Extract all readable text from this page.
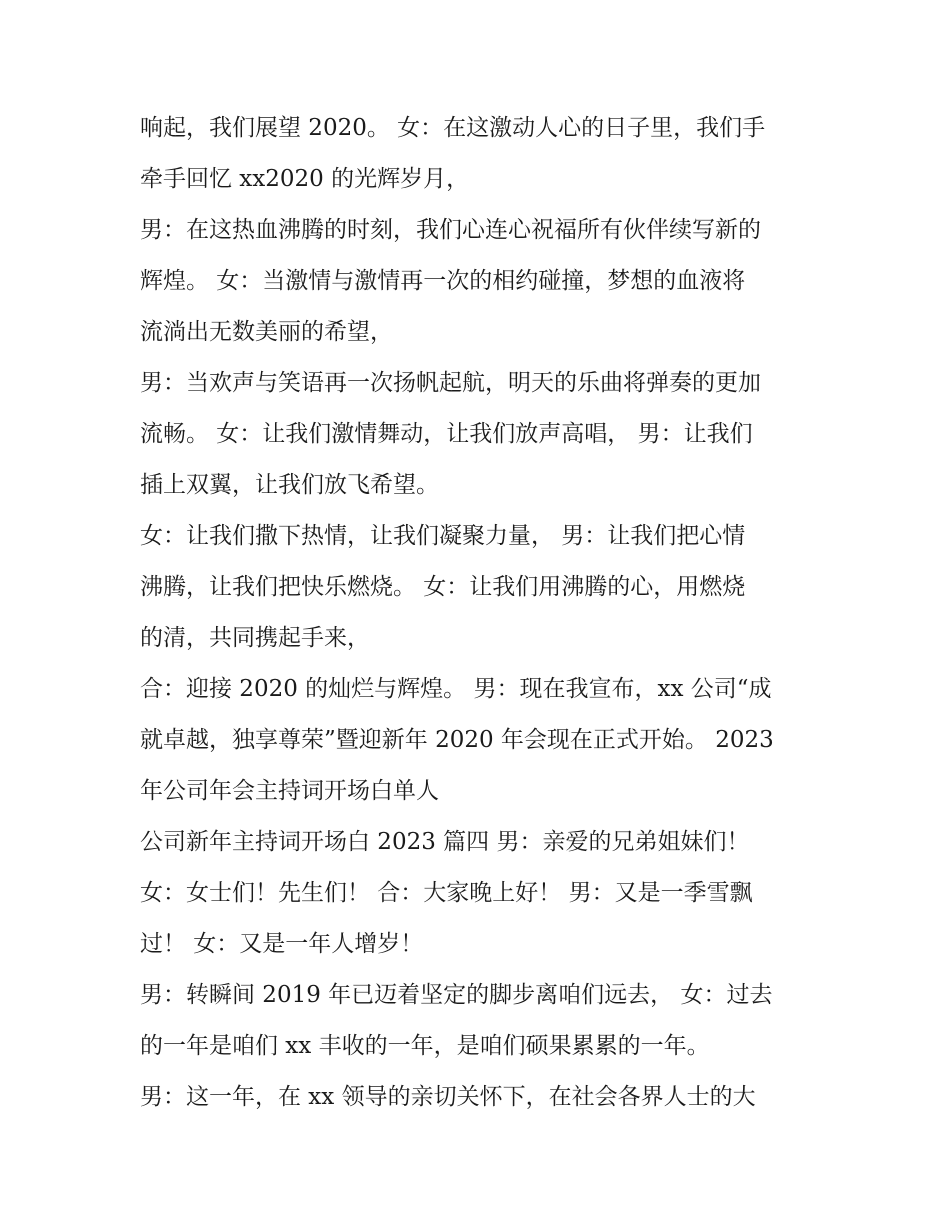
响起，我们展望 2020。 女：在这激动人心的日子里，我们手
牵手回忆 xx2020 的光辉岁月，
男：在这热血沸腾的时刻，我们心连心祝福所有伙伴续写新的
辉煌。 女：当激情与激情再一次的相约碰撞，梦想的血液将
流淌出无数美丽的希望，
男：当欢声与笑语再一次扬帆起航，明天的乐曲将弹奏的更加
流畅。 女：让我们激情舞动，让我们放声高唱， 男：让我们
插上双翼，让我们放飞希望。
女：让我们撒下热情，让我们凝聚力量， 男：让我们把心情
沸腾，让我们把快乐燃烧。 女：让我们用沸腾的心，用燃烧
的清，共同携起手来，
合：迎接 2020 的灿烂与辉煌。 男：现在我宣布，xx 公司“成
就卓越，独享尊荣”暨迎新年 2020 年会现在正式开始。 2023
年公司年会主持词开场白单人
公司新年主持词开场白 2023 篇四 男：亲爱的兄弟姐妹们！
女：女士们！先生们！ 合：大家晚上好！ 男：又是一季雪飘
过！ 女：又是一年人增岁！
男：转瞬间 2019 年已迈着坚定的脚步离咱们远去， 女：过去
的一年是咱们 xx 丰收的一年，是咱们硕果累累的一年。
男：这一年，在 xx 领导的亲切关怀下，在社会各界人士的大
